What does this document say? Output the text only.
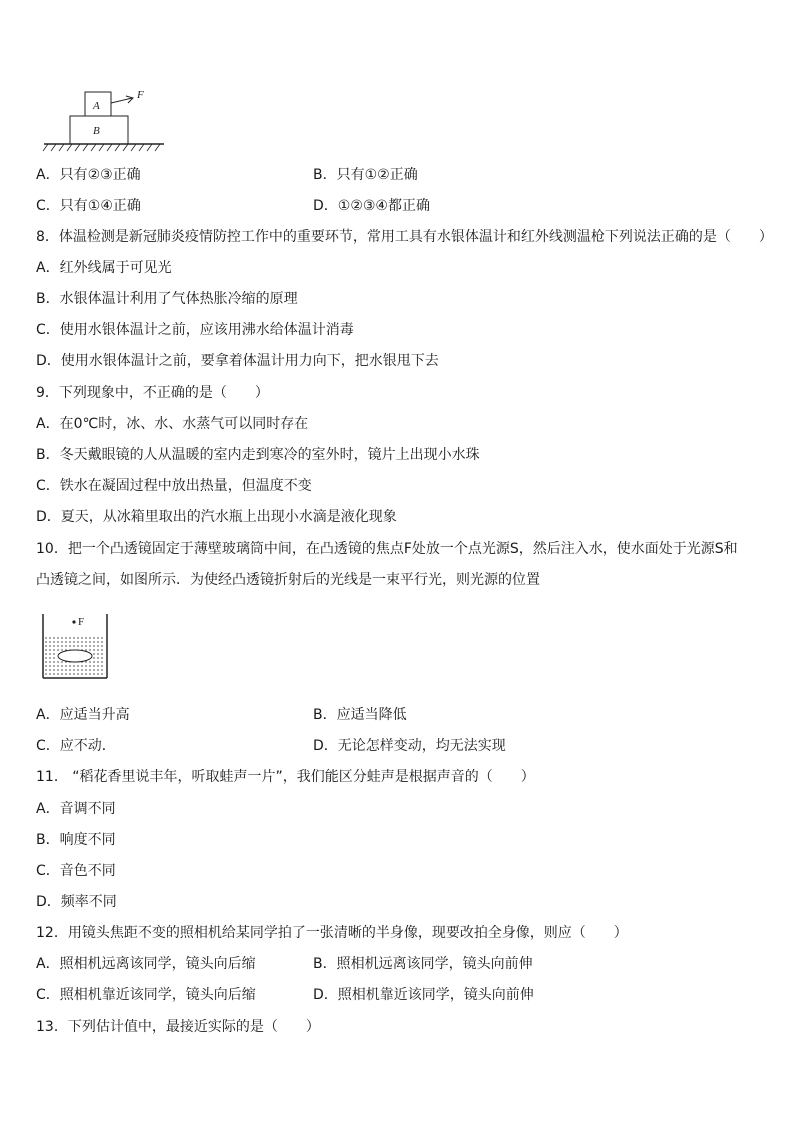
A
B
F
A．只有②③正确	B．只有①②正确
C．只有①④正确	D．①②③④都正确
8．体温检测是新冠肺炎疫情防控工作中的重要环节，常用工具有水银体温计和红外线测温枪下列说法正确的是（　　）
A．红外线属于可见光
B．水银体温计利用了气体热胀冷缩的原理
C．使用水银体温计之前，应该用沸水给体温计消毒
D．使用水银体温计之前，要拿着体温计用力向下，把水银甩下去
9．下列现象中，不正确的是（　　）
A．在0℃时，冰、水、水蒸气可以同时存在
B．冬天戴眼镜的人从温暖的室内走到寒冷的室外时，镜片上出现小水珠
C．铁水在凝固过程中放出热量，但温度不变
D．夏天，从冰箱里取出的汽水瓶上出现小水滴是液化现象
10．把一个凸透镜固定于薄壁玻璃筒中间，在凸透镜的焦点F处放一个点光源S，然后注入水，使水面处于光源S和
凸透镜之间，如图所示．为使经凸透镜折射后的光线是一束平行光，则光源的位置
F
A．应适当升高	B．应适当降低
C．应不动．	D．无论怎样变动，均无法实现
11． “稻花香里说丰年，听取蛙声一片”，我们能区分蛙声是根据声音的（　　）
A．音调不同
B．响度不同
C．音色不同
D．频率不同
12．用镜头焦距不变的照相机给某同学拍了一张清晰的半身像，现要改拍全身像，则应（　　）
A．照相机远离该同学，镜头向后缩	B．照相机远离该同学，镜头向前伸
C．照相机靠近该同学，镜头向后缩	D．照相机靠近该同学，镜头向前伸
13．下列估计值中，最接近实际的是（　　）
